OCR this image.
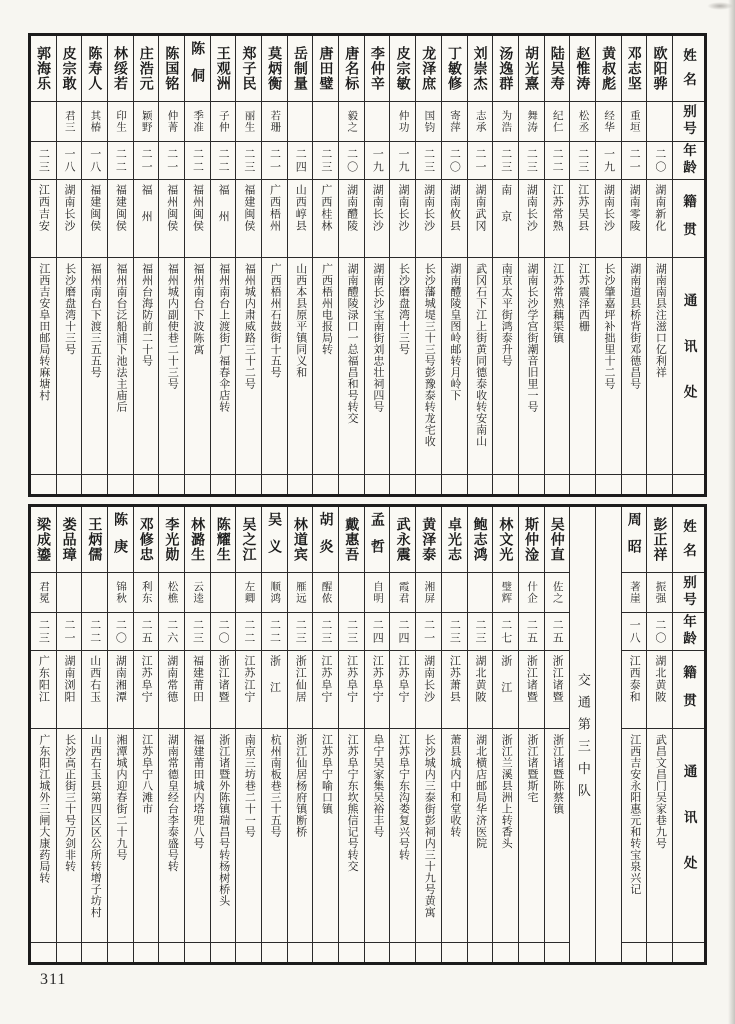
姓名
别号
年龄
籍贯
通讯处
欧阳骅
二〇
湖南新化
湖南南县注滋口亿利祥
邓志坚
重垣
二一
湖南零陵
湖南道县桥背街邓德昌号
黄叔彪
经华
一九
湖南长沙
长沙肇嘉坪补拙里十二号
赵惟涛
松丞
二三
江苏吴县
江苏震泽西栅
陆吴寿
纪仁
二二
江苏常熟
江苏常熟藕渠镇
胡光熹
舞涛
二三
湖南长沙
湖南长沙学宫街潮音旧里一号
汤逸群
为浩
二三
南京
南京太平街鸿泰升号
刘崇杰
志承
二一
湖南武冈
武冈石下江上街黄同德泰收转安南山
丁敏修
寄萍
二〇
湖南攸县
湖南醴陵皇图岭邮转月岭下
龙泽庶
国钧
二三
湖南长沙
长沙藩城堤三十三号彭豫泰转龙宅收
皮宗敏
仲功
一九
湖南长沙
长沙磨盘湾十三号
李仲辛
一九
湖南长沙
湖南长沙宝南街刘忠壮祠四号
唐名标
毅之
二〇
湖南醴陵
湖南醴陵渌口一总福昌和号转交
唐田璧
二三
广西桂林
广西梧州电报局转
岳制量
二四
山西崞县
山西本县原平镇同义和
莫炳衡
若珊
二一
广西梧州
广西梧州石鼓街十五号
郑子民
丽生
二三
福建闽侯
福州城内肃威路三十二号
王观洲
子仲
二二
福州
福州南台上渡街广福春伞店转
陈侗
季准
二二
福州闽侯
福州南台下波陈寓
陈国铭
仲菁
二一
福州闽侯
福州城内副使巷二十三号
庄浩元
颖野
二一
福州
福州台海防前二十号
林绥若
印生
二二
福建闽侯
福州南台泛船浦下池法主庙后
陈寿人
其椿
一八
福建闽侯
福州南台下渡三五五号
皮宗敢
君三
一八
湖南长沙
长沙磨盘湾十三号
郭海乐
二三
江西吉安
江西吉安阜田邮局转麻塘村
姓名
别号
年龄
籍贯
通讯处
彭正祥
振强
二〇
湖北黄陂
武昌文昌门吴家巷九号
周昭
著崖
一八
江西泰和
江西吉安永阳惠元和转宝泉兴记
交通第三中队
吴仲直
佐之
二五
浙江诸暨
浙江诸暨陈蔡镇
斯仲淦
什企
二五
浙江诸暨
浙江诸暨斯宅
林文光
璧辉
二七
浙江
浙江兰溪县洲上转香头
鲍志鸿
二三
湖北黄陂
湖北横店邮局华济医院
卓光志
二三
江苏萧县
萧县城内中和堂收转
黄泽泰
湘屏
二一
湖南长沙
长沙城内三泰街彭祠内三十九号黄寓
武永震
霞君
二四
江苏阜宁
江苏阜宁东沟娄复兴号转
孟哲
自明
二四
江苏阜宁
阜宁吴家集吴裕丰号
戴惠吾
二三
江苏阜宁
江苏阜宁东坎熊信记号转交
胡炎
醒侬
二三
江苏阜宁
江苏阜宁喻口镇
林道宾
雁远
二三
浙江仙居
浙江仙居杨府镇断桥
吴义
顺鸿
二二
浙江
杭州南板巷三十五号
吴之江
左卿
二二
江苏江宁
南京三坊巷二十一号
陈耀生
二〇
浙江诸暨
浙江诸暨外陈镇瑞昌号转杨树桥头
林潞生
云逵
二三
福建莆田
福建莆田城内塔兜八号
李光勋
松樵
二六
湖南常德
湖南常德皇经台李泰盛号转
邓修忠
利东
二五
江苏阜宁
江苏阜宁八滩市
陈庚
锦秋
二〇
湖南湘潭
湘潭城内迎春街二十九号
王炳儒
二二
山西右玉
山西右玉县第四区区公所转增子坊村
娄品璋
二一
湖南浏阳
长沙高正街三十号万剑非转
梁成鎏
君冕
二三
广东阳江
广东阳江城外三闸大康药局转
311
